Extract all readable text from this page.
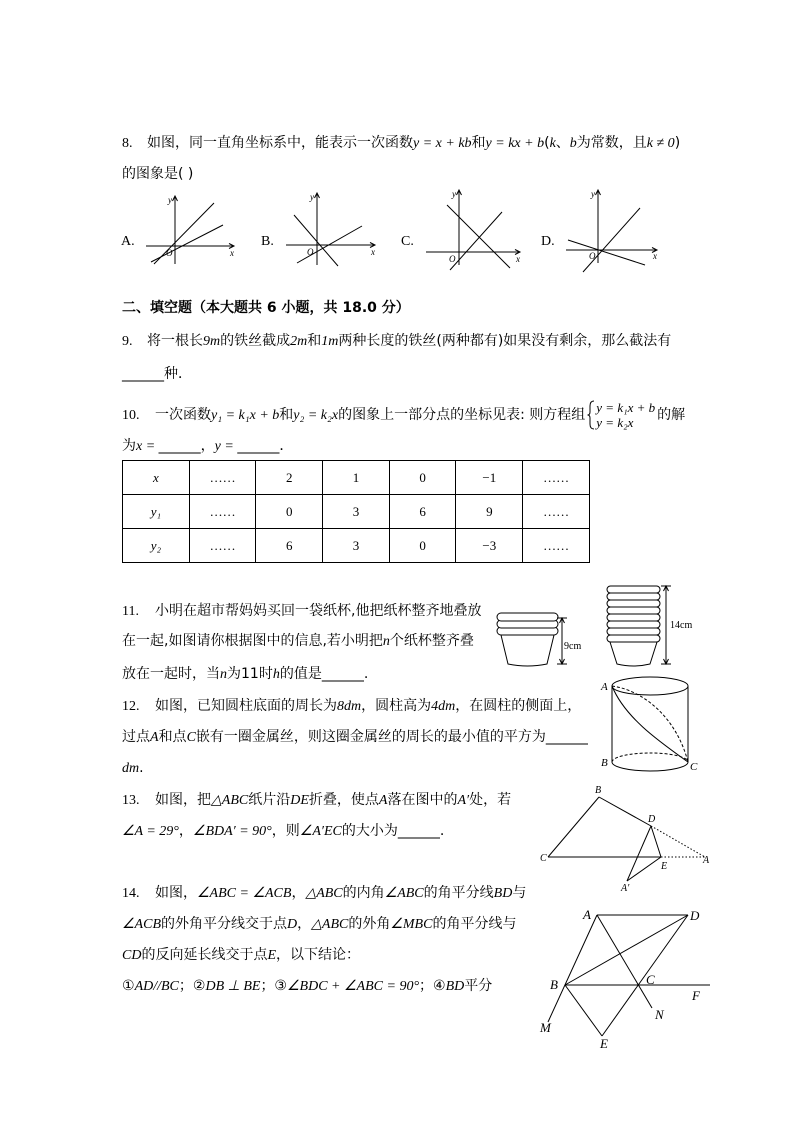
y
x
O
y
x
O
y
x
O
y
x
O
9cm
14cm
A
B	C
B
D
C
E
A
A′
A	D
B	C
F
M
N
E
8. 如图，同一直角坐标系中，能表示一次函数y = x + kb和y = kx + b(k、b为常数，且k ≠ 0)
的图象是( )
A.	B.	C.	D.
二、填空题（本大题共 6 小题，共 18.0 分）
9. 将一根长9m的铁丝截成2m和1m两种长度的铁丝(两种都有)如果没有剩余，那么截法有
______种．
10. 一次函数y₁ = k₁x + b和y₂ = k₂x的图象上一部分点的坐标见表: 则方程组 y = k₁x + b
y = k₂x	的解
为x = ______，y = ______．
x	……	2	1	0	−1	……
y₁	……	0	3	6	9	……
y₂	……	6	3	0	−3	……
11. 小明在超市帮妈妈买回一袋纸杯,他把纸杯整齐地叠放
在一起,如图请你根据图中的信息,若小明把n个纸杯整齐叠
放在一起时，当n为11时h的值是______.
12. 如图，已知圆柱底面的周长为8dm，圆柱高为4dm，在圆柱的侧面上，
过点A和点C嵌有一圈金属丝，则这圈金属丝的周长的最小值的平方为______
dm.
13. 如图，把△ABC纸片沿DE折叠，使点A落在图中的A′处，若
∠A = 29°，∠BDA′ = 90°，则∠A′EC的大小为______.
14. 如图，∠ABC = ∠ACB，△ABC的内角∠ABC的角平分线BD与
∠ACB的外角平分线交于点D，△ABC的外角∠MBC的角平分线与
CD的反向延长线交于点E，以下结论：
①AD//BC；②DB ⊥ BE；③∠BDC + ∠ABC = 90°；④BD平分
